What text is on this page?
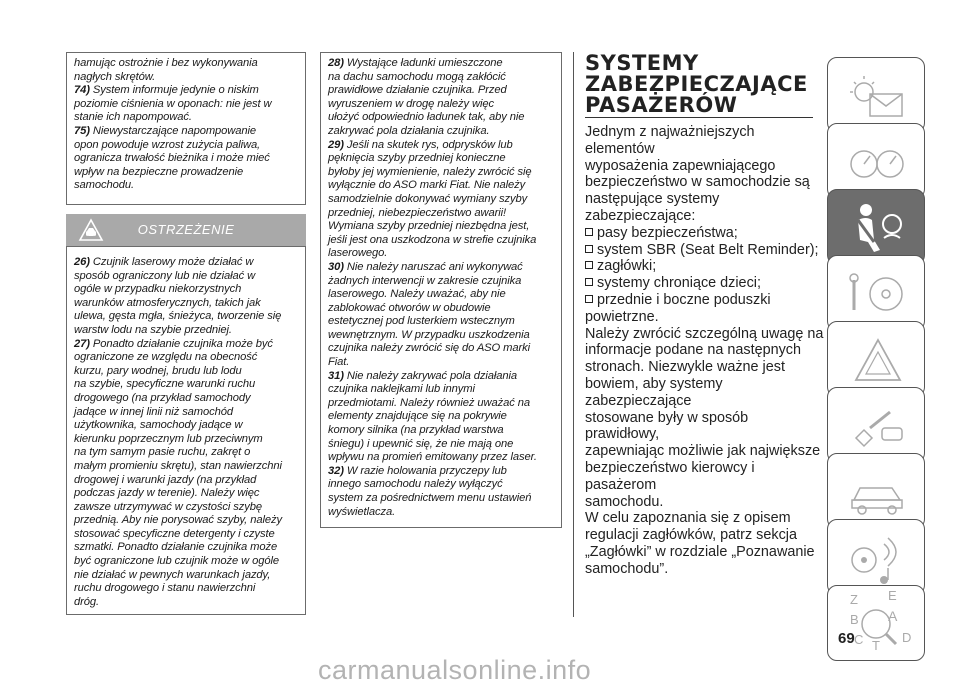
hamując ostrożnie i bez wykonywania

nagłych skrętów.

74) System informuje jedynie o niskim

poziomie ciśnienia w oponach: nie jest w

stanie ich napompować.

75) Niewystarczające napompowanie

opon powoduje wzrost zużycia paliwa,

ogranicza trwałość bieżnika i może mieć

wpływ na bezpieczne prowadzenie

samochodu.

OSTRZEŻENIE

26) Czujnik laserowy może działać w

sposób ograniczony lub nie działać w

ogóle w przypadku niekorzystnych

warunków atmosferycznych, takich jak

ulewa, gęsta mgła, śnieżyca, tworzenie się

warstw lodu na szybie przedniej.

27) Ponadto działanie czujnika może być

ograniczone ze względu na obecność

kurzu, pary wodnej, brudu lub lodu

na szybie, specyficzne warunki ruchu

drogowego (na przykład samochody

jadące w innej linii niż samochód

użytkownika, samochody jadące w

kierunku poprzecznym lub przeciwnym

na tym samym pasie ruchu, zakręt o

małym promieniu skrętu), stan nawierzchni

drogowej i warunki jazdy (na przykład

podczas jazdy w terenie). Należy więc

zawsze utrzymywać w czystości szybę

przednią. Aby nie porysować szyby, należy

stosować specyficzne detergenty i czyste

szmatki. Ponadto działanie czujnika może

być ograniczone lub czujnik może w ogóle

nie działać w pewnych warunkach jazdy,

ruchu drogowego i stanu nawierzchni

dróg.

28) Wystające ładunki umieszczone

na dachu samochodu mogą zakłócić

prawidłowe działanie czujnika. Przed

wyruszeniem w drogę należy więc

ułożyć odpowiednio ładunek tak, aby nie

zakrywać pola działania czujnika.

29) Jeśli na skutek rys, odprysków lub

pęknięcia szyby przedniej konieczne

byłoby jej wymienienie, należy zwrócić się

wyłącznie do ASO marki Fiat. Nie należy

samodzielnie dokonywać wymiany szyby

przedniej, niebezpieczeństwo awarii!

Wymiana szyby przedniej niezbędna jest,

jeśli jest ona uszkodzona w strefie czujnika

laserowego.

30) Nie należy naruszać ani wykonywać

żadnych interwencji w zakresie czujnika

laserowego. Należy uważać, aby nie

zablokować otworów w obudowie

estetycznej pod lusterkiem wstecznym

wewnętrznym. W przypadku uszkodzenia

czujnika należy zwrócić się do ASO marki

Fiat.

31) Nie należy zakrywać pola działania

czujnika naklejkami lub innymi

przedmiotami. Należy również uważać na

elementy znajdujące się na pokrywie

komory silnika (na przykład warstwa

śniegu) i upewnić się, że nie mają one

wpływu na promień emitowany przez laser.

32) W razie holowania przyczepy lub

innego samochodu należy wyłączyć

system za pośrednictwem menu ustawień

wyświetlacza.

SYSTEMY
ZABEZPIECZAJĄCE
PASAŻERÓW

Jednym z najważniejszych elementów

wyposażenia zapewniającego

bezpieczeństwo w samochodzie są

następujące systemy zabezpieczające:

pasy bezpieczeństwa;

system SBR (Seat Belt Reminder);

zagłówki;

systemy chroniące dzieci;

przednie i boczne poduszki

powietrzne.

Należy zwrócić szczególną uwagę na

informacje podane na następnych

stronach. Niezwykle ważne jest

bowiem, aby systemy zabezpieczające

stosowane były w sposób prawidłowy,

zapewniając możliwie jak największe

bezpieczeństwo kierowcy i pasażerom

samochodu.

W celu zapoznania się z opisem

regulacji zagłówków, patrz sekcja

„Zagłówki” w rozdziale „Poznawanie

samochodu”.

Z E
B A
C T
D
69
carmanualsonline.info
